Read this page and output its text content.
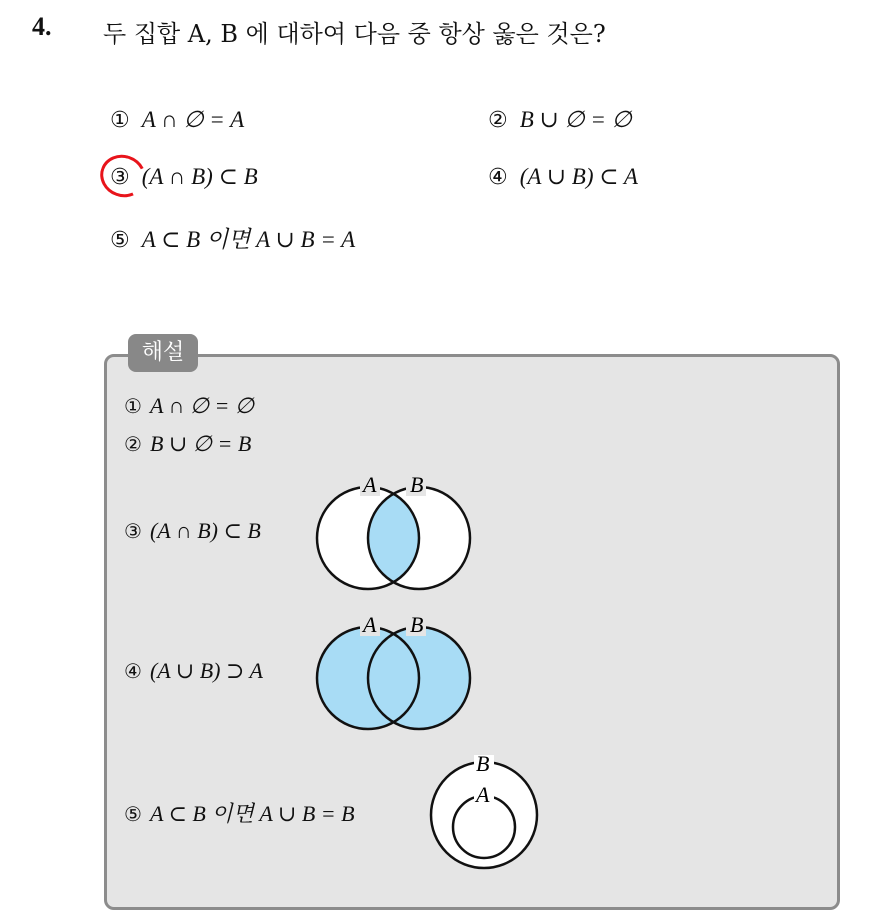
4. 두 집합 A, B 에 대하여 다음 중 항상 옳은 것은?
① A ∩ ∅ = A	② B ∪ ∅ = ∅
③ (A ∩ B) ⊂ B	④ (A ∪ B) ⊂ A
⑤ A ⊂ B 이면 A ∪ B = A
해설
① A ∩ ∅ = ∅
② B ∪ ∅ = B
③ (A ∩ B) ⊂ B
④ (A ∪ B) ⊃ A
⑤ A ⊂ B 이면 A ∪ B = B
A B
A B
B
A
